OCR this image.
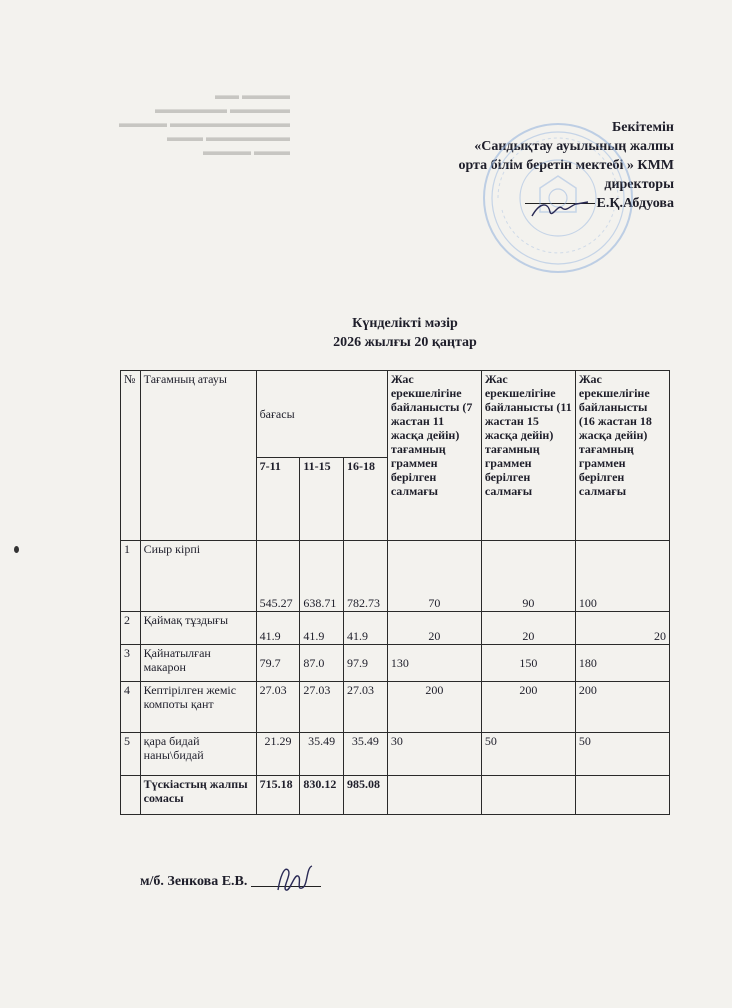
▬▬▬▬ ▬▬
▬▬▬▬▬ ▬▬▬▬▬▬
▬▬▬▬▬▬▬▬▬▬ ▬▬▬▬
▬▬▬▬▬▬▬ ▬▬▬
▬▬▬ ▬▬▬▬
Бекітемін
«Сандықтау ауылының жалпы
орта білім беретін мектебі » КММ
директоры
Е.Қ.Абдуова
Күнделікті мәзір
2026 жылғы 20 қаңтар
№	Тағамның атауы	бағасы			Жас ерекшелігіне байланысты (7 жастан 11 жасқа дейін) тағамның граммен берілген салмағы	Жас ерекшелігіне байланысты (11 жастан 15 жасқа дейін) тағамның граммен берілген салмағы	Жас ерекшелігіне байланысты (16 жастан 18 жасқа дейін) тағамның граммен берілген салмағы
		7-11	11-15	16-18			
1	Сиыр кірпі	545.27	638.71	782.73	70	90	100
2	Қаймақ тұздығы	41.9	41.9	41.9	20	20	20
3	Қайнатылған макарон	79.7	87.0	97.9	130	150	180
4	Кептірілген жеміс компоты қант	27.03	27.03	27.03	200	200	200
5	қара бидай наны\бидай	21.29	35.49	35.49	30	50	50
	Түскіастың жалпы сомасы	715.18	830.12	985.08			
м/б. Зенкова Е.В.
